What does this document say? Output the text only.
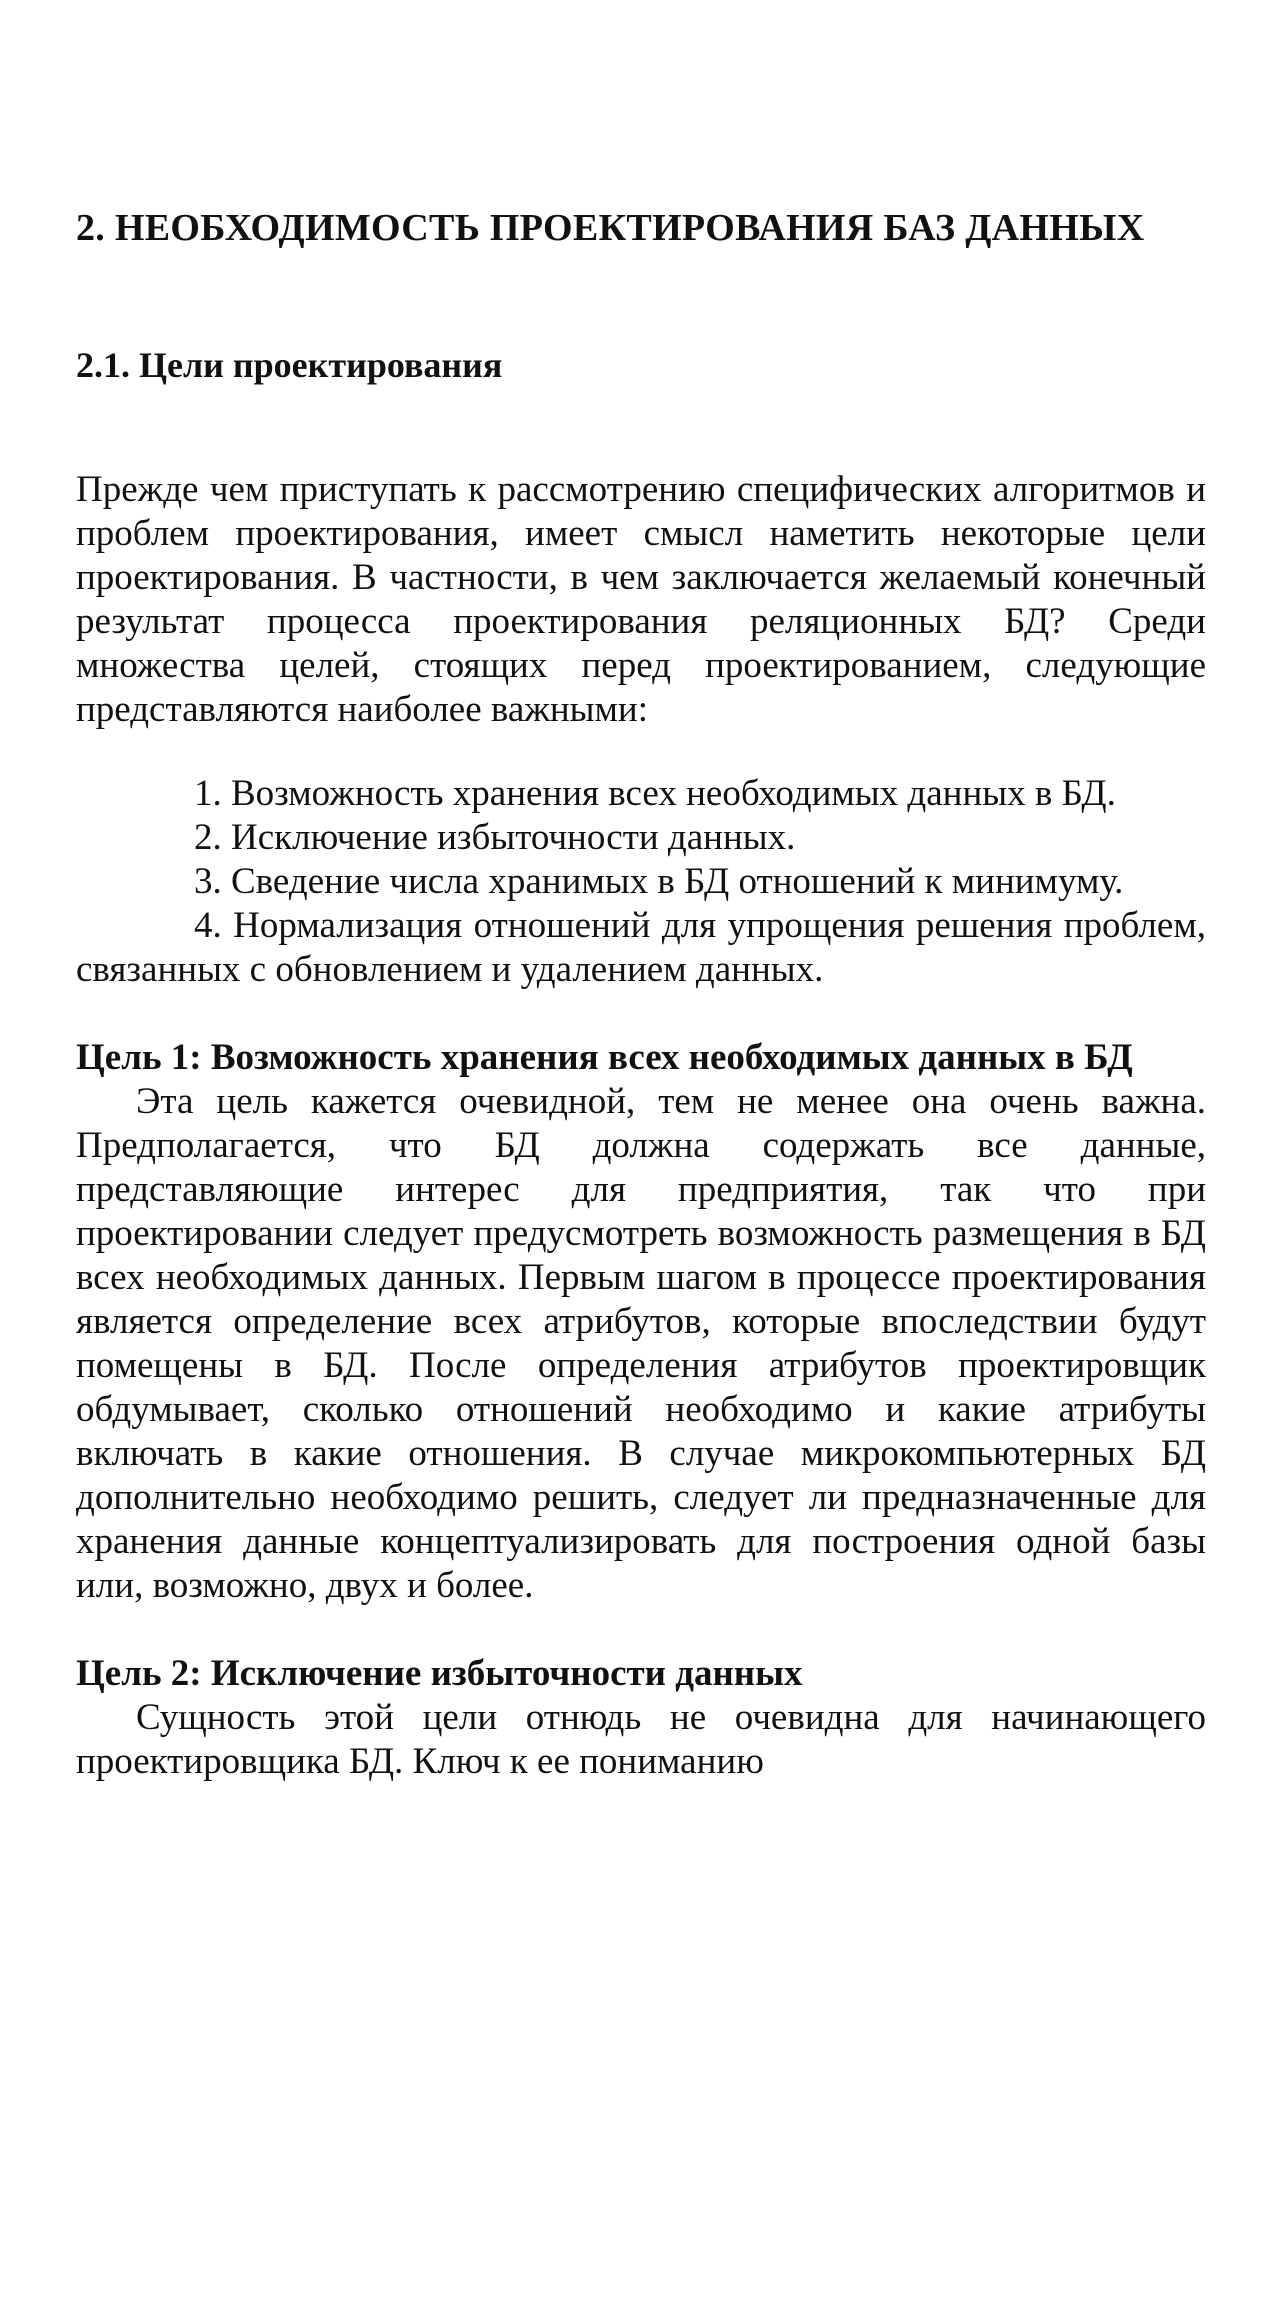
2. НЕОБХОДИМОСТЬ ПРОЕКТИРОВАНИЯ БАЗ ДАННЫХ
2.1. Цели проектирования

Прежде чем приступать к рассмотрению специфических алгоритмов и проблем проектирования, имеет смысл наметить некоторые цели проектирования. В частности, в чем заключается желаемый конечный результат процесса проектирования реляционных БД? Среди множества целей, стоящих перед проектированием, следующие представляются наиболее важными:

1. Возможность хранения всех необходимых данных в БД.

2. Исключение избыточности данных.

3. Сведение числа хранимых в БД отношений к минимуму.

4. Нормализация отношений для упрощения решения проблем, связанных с обновлением и удалением данных.

Цель 1: Возможность хранения всех необходимых данных в БД

Эта цель кажется очевидной, тем не менее она очень важна. Предполагается, что БД должна содержать все данные, представляющие интерес для предприятия, так что при проектировании следует предусмотреть возможность размещения в БД всех необходимых данных. Первым шагом в процессе проектирования является определение всех атрибутов, которые впоследствии будут помещены в БД. После определения атрибутов проектировщик обдумывает, сколько отношений необходимо и какие атрибуты включать в какие отношения. В случае микрокомпьютерных БД дополнительно необходимо решить, следует ли предназначенные для хранения данные концептуализировать для построения одной базы или, возможно, двух и более.

Цель 2: Исключение избыточности данных

Сущность этой цели отнюдь не очевидна для начинающего проектировщика БД. Ключ к ее пониманию
